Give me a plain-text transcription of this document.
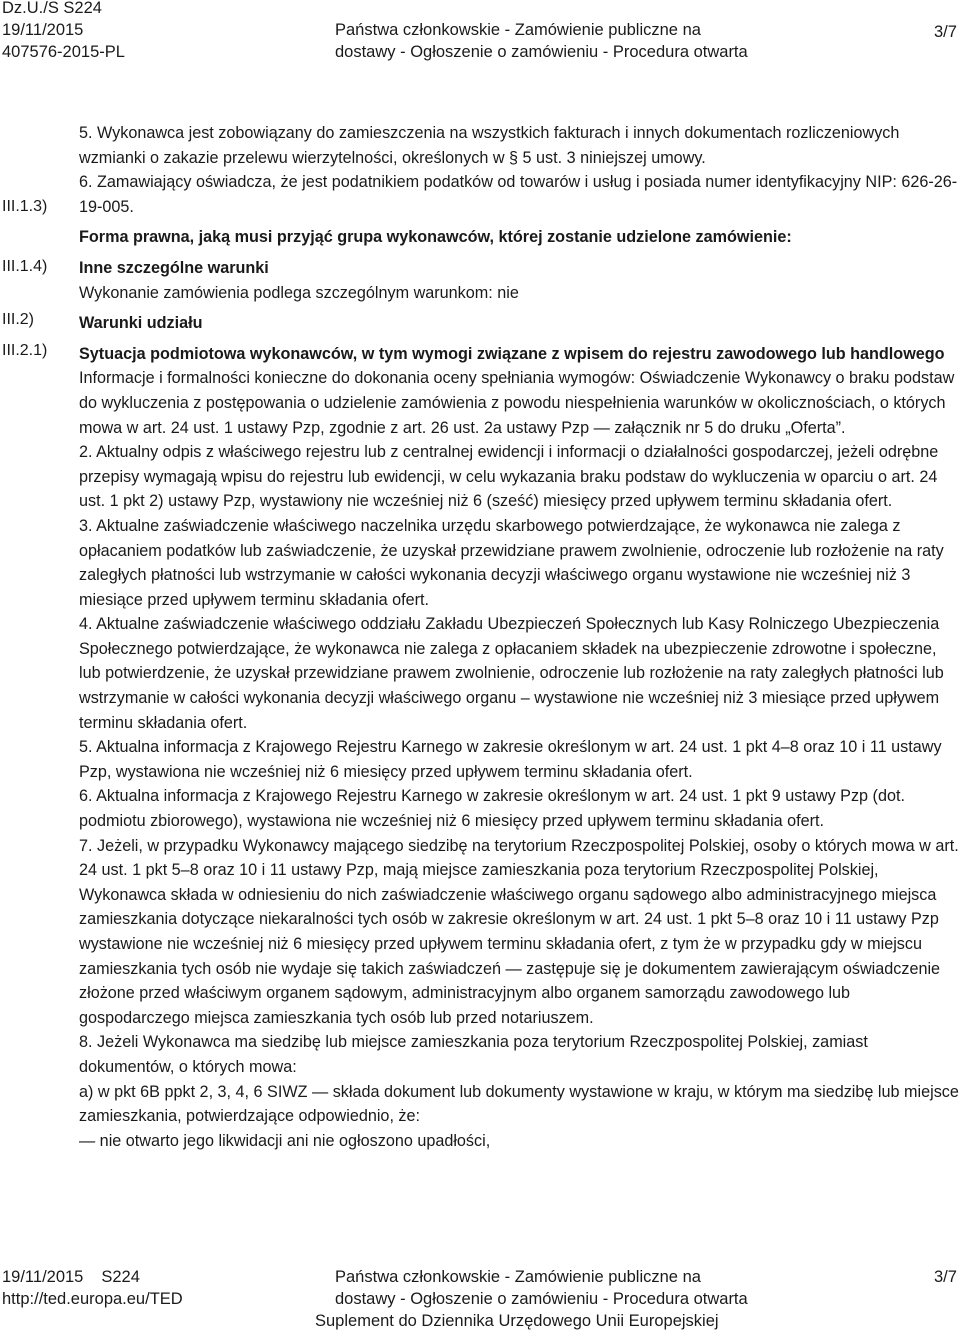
Dz.U./S S224
19/11/2015
407576-2015-PL
Państwa członkowskie - Zamówienie publiczne na
dostawy - Ogłoszenie o zamówieniu - Procedura otwarta
3/7
III.1.3)
III.1.4)
III.2)
III.2.1)

5. Wykonawca jest zobowiązany do zamieszczenia na wszystkich fakturach i innych dokumentach rozliczeniowych wzmianki o zakazie przelewu wierzytelności, określonych w § 5 ust. 3 niniejszej umowy.

6. Zamawiający oświadcza, że jest podatnikiem podatków od towarów i usług i posiada numer identyfikacyjny NIP: 626-26-19-005.

Forma prawna, jaką musi przyjąć grupa wykonawców, której zostanie udzielone zamówienie:

Inne szczególne warunki

Wykonanie zamówienia podlega szczególnym warunkom: nie

Warunki udziału

Sytuacja podmiotowa wykonawców, w tym wymogi związane z wpisem do rejestru zawodowego lub handlowego

Informacje i formalności konieczne do dokonania oceny spełniania wymogów: Oświadczenie Wykonawcy o braku podstaw do wykluczenia z postępowania o udzielenie zamówienia z powodu niespełnienia warunków w okolicznościach, o których mowa w art. 24 ust. 1 ustawy Pzp, zgodnie z art. 26 ust. 2a ustawy Pzp — załącznik nr 5 do druku „Oferta”.

2. Aktualny odpis z właściwego rejestru lub z centralnej ewidencji i informacji o działalności gospodarczej, jeżeli odrębne przepisy wymagają wpisu do rejestru lub ewidencji, w celu wykazania braku podstaw do wykluczenia w oparciu o art. 24 ust. 1 pkt 2) ustawy Pzp, wystawiony nie wcześniej niż 6 (sześć) miesięcy przed upływem terminu składania ofert.

3. Aktualne zaświadczenie właściwego naczelnika urzędu skarbowego potwierdzające, że wykonawca nie zalega z opłacaniem podatków lub zaświadczenie, że uzyskał przewidziane prawem zwolnienie, odroczenie lub rozłożenie na raty zaległych płatności lub wstrzymanie w całości wykonania decyzji właściwego organu wystawione nie wcześniej niż 3 miesiące przed upływem terminu składania ofert.

4. Aktualne zaświadczenie właściwego oddziału Zakładu Ubezpieczeń Społecznych lub Kasy Rolniczego Ubezpieczenia Społecznego potwierdzające, że wykonawca nie zalega z opłacaniem składek na ubezpieczenie zdrowotne i społeczne, lub potwierdzenie, że uzyskał przewidziane prawem zwolnienie, odroczenie lub rozłożenie na raty zaległych płatności lub wstrzymanie w całości wykonania decyzji właściwego organu – wystawione nie wcześniej niż 3 miesiące przed upływem terminu składania ofert.

5. Aktualna informacja z Krajowego Rejestru Karnego w zakresie określonym w art. 24 ust. 1 pkt 4–8 oraz 10 i 11 ustawy Pzp, wystawiona nie wcześniej niż 6 miesięcy przed upływem terminu składania ofert.

6. Aktualna informacja z Krajowego Rejestru Karnego w zakresie określonym w art. 24 ust. 1 pkt 9 ustawy Pzp (dot. podmiotu zbiorowego), wystawiona nie wcześniej niż 6 miesięcy przed upływem terminu składania ofert.

7. Jeżeli, w przypadku Wykonawcy mającego siedzibę na terytorium Rzeczpospolitej Polskiej, osoby o których mowa w art. 24 ust. 1 pkt 5–8 oraz 10 i 11 ustawy Pzp, mają miejsce zamieszkania poza terytorium Rzeczpospolitej Polskiej, Wykonawca składa w odniesieniu do nich zaświadczenie właściwego organu sądowego albo administracyjnego miejsca zamieszkania dotyczące niekaralności tych osób w zakresie określonym w art. 24 ust. 1 pkt 5–8 oraz 10 i 11 ustawy Pzp wystawione nie wcześniej niż 6 miesięcy przed upływem terminu składania ofert, z tym że w przypadku gdy w miejscu zamieszkania tych osób nie wydaje się takich zaświadczeń — zastępuje się je dokumentem zawierającym oświadczenie złożone przed właściwym organem sądowym, administracyjnym albo organem samorządu zawodowego lub gospodarczego miejsca zamieszkania tych osób lub przed notariuszem.

8. Jeżeli Wykonawca ma siedzibę lub miejsce zamieszkania poza terytorium Rzeczpospolitej Polskiej, zamiast dokumentów, o których mowa:

a) w pkt 6B ppkt 2, 3, 4, 6 SIWZ — składa dokument lub dokumenty wystawione w kraju, w którym ma siedzibę lub miejsce zamieszkania, potwierdzające odpowiednio, że:

— nie otwarto jego likwidacji ani nie ogłoszono upadłości,

19/11/2015 S224
http://ted.europa.eu/TED
Państwa członkowskie - Zamówienie publiczne na
dostawy - Ogłoszenie o zamówieniu - Procedura otwarta
Suplement do Dziennika Urzędowego Unii Europejskiej
3/7
